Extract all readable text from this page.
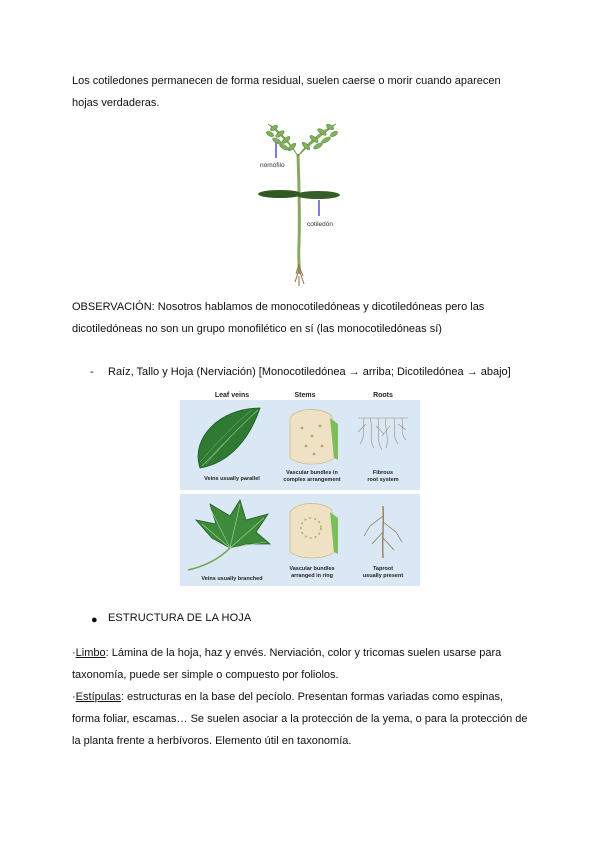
Los cotiledones permanecen de forma residual, suelen caerse o morir cuando aparecen
hojas verdaderas.

nomófilo
cotiledón

OBSERVACIÓN: Nosotros hablamos de monocotiledóneas y dicotiledóneas pero las
dicotiledóneas no son un grupo monofilético en sí (las monocotiledóneas sí)

- Raíz, Tallo y Hoja (Nerviación) [Monocotiledónea → arriba; Dicotiledónea → abajo]
Leaf veins	Stems	Roots
Veins usually parallel
Vascular bundles in
complex arrangement
Fibrous
root system
Veins usually branched
Vascular bundles
arranged in ring
Taproot
usually present
● ESTRUCTURA DE LA HOJA

·Limbo: Lámina de la hoja, haz y envés. Nerviación, color y tricomas suelen usarse para
taxonomía, puede ser simple o compuesto por foliolos.

·Estípulas: estructuras en la base del pecíolo. Presentan formas variadas como espinas,
forma foliar, escamas… Se suelen asociar a la protección de la yema, o para la protección de
la planta frente a herbívoros. Elemento útil en taxonomía.
